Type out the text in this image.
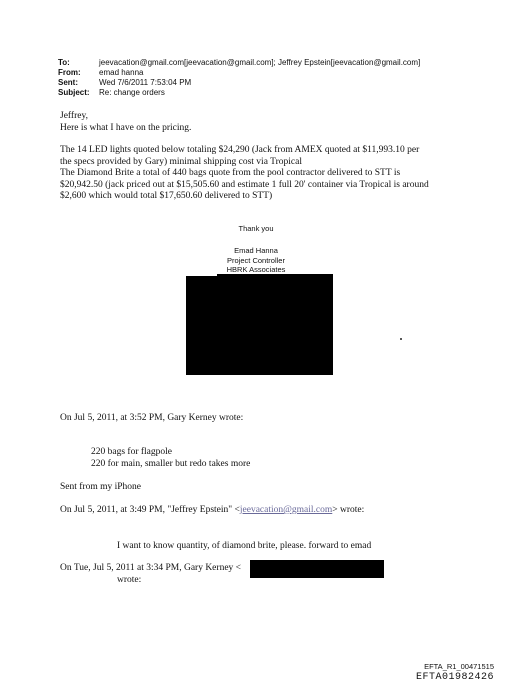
To:	jeevacation@gmail.com[jeevacation@gmail.com]; Jeffrey Epstein[jeevacation@gmail.com]
From:	emad hanna
Sent:	Wed 7/6/2011 7:53:04 PM
Subject:	Re: change orders

Jeffrey,

Here is what I have on the pricing.

The 14 LED lights quoted below totaling $24,290 (Jack from AMEX quoted at $11,993.10 per

the specs provided by Gary) minimal shipping cost via Tropical

The Diamond Brite a total of 440 bags quote from the pool contractor delivered to STT is

$20,942.50 (jack priced out at $15,505.60 and estimate 1 full 20' container via Tropical is around

$2,600 which would total $17,650.60 delivered to STT)

Thank you
Emad Hanna
Project Controller
HBRK Associates

On Jul 5, 2011, at 3:52 PM, Gary Kerney wrote:

220 bags for flagpole

220 for main, smaller but redo takes more

Sent from my iPhone

On Jul 5, 2011, at 3:49 PM, "Jeffrey Epstein" <jeevacation@gmail.com> wrote:

I want to know quantity, of diamond brite, please. forward to emad

On Tue, Jul 5, 2011 at 3:34 PM, Gary Kerney <

wrote:

EFTA_R1_00471515
EFTA01982426
